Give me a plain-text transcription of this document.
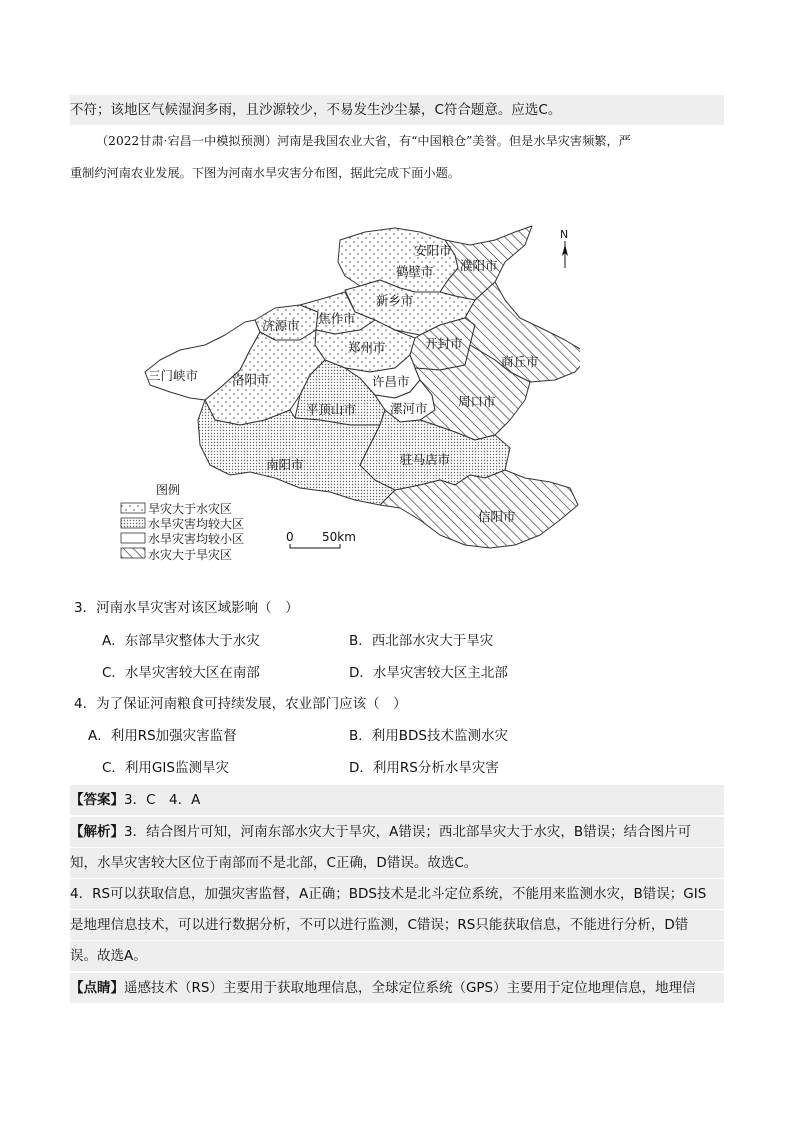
不符；该地区气候湿润多雨，且沙源较少，不易发生沙尘暴，C符合题意。应选C。
（2022甘肃·宕昌一中模拟预测）河南是我国农业大省，有“中国粮仓”美誉。但是水旱灾害频繁，严
重制约河南农业发展。下图为河南水旱灾害分布图，据此完成下面小题。
安阳市
鹤壁市 濮阳市
新乡市
济源市 焦作市
郑州市	开封市
商丘市
三门峡市	洛阳市	许昌市
平顶山市	漯河市 周口市
南阳市	驻马店市
信阳市
N
图例
旱灾大于水灾区
水旱灾害均较大区
水旱灾害均较小区
水灾大于旱灾区
0 50km
3．河南水旱灾害对该区域影响（　）
A．东部旱灾整体大于水灾	B．西北部水灾大于旱灾
C．水旱灾害较大区在南部	D．水旱灾害较大区主北部
4．为了保证河南粮食可持续发展，农业部门应该（　）
A．利用RS加强灾害监督	B．利用BDS技术监测水灾
C．利用GIS监测旱灾	D．利用RS分析水旱灾害
【答案】3．C　4．A
【解析】3．结合图片可知，河南东部水灾大于旱灾，A错误；西北部旱灾大于水灾，B错误；结合图片可
知，水旱灾害较大区位于南部而不是北部，C正确，D错误。故选C。
4．RS可以获取信息，加强灾害监督，A正确；BDS技术是北斗定位系统，不能用来监测水灾，B错误；GIS
是地理信息技术，可以进行数据分析，不可以进行监测，C错误；RS只能获取信息，不能进行分析，D错
误。故选A。
【点睛】遥感技术（RS）主要用于获取地理信息，全球定位系统（GPS）主要用于定位地理信息，地理信
